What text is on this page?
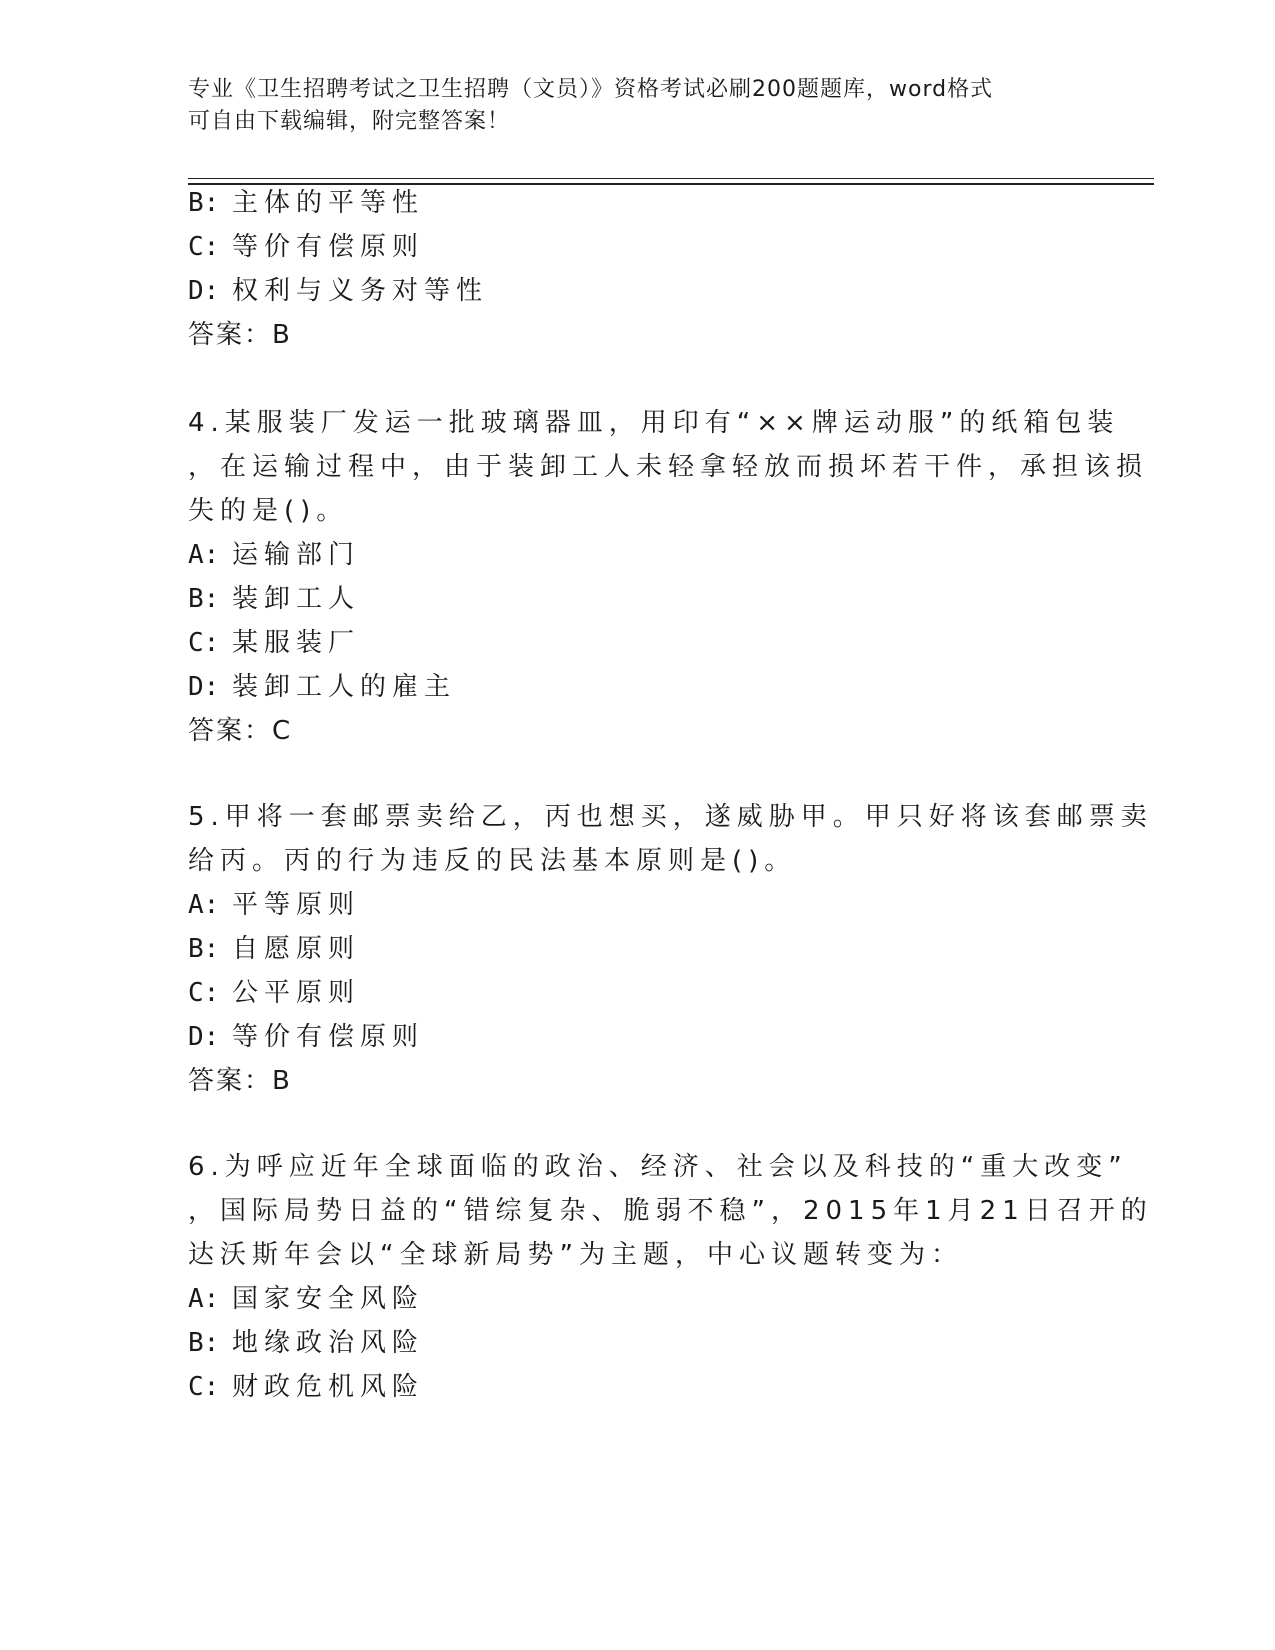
专业《卫生招聘考试之卫生招聘（文员）》资格考试必刷200题题库，word格式
可自由下载编辑，附完整答案！
B: 主体的平等性
C: 等价有偿原则
D: 权利与义务对等性
答案：B
4.某服装厂发运一批玻璃器皿，用印有“××牌运动服”的纸箱包装
，在运输过程中，由于装卸工人未轻拿轻放而损坏若干件，承担该损
失的是()。
A: 运输部门
B: 装卸工人
C: 某服装厂
D: 装卸工人的雇主
答案：C
5.甲将一套邮票卖给乙，丙也想买，遂威胁甲。甲只好将该套邮票卖
给丙。丙的行为违反的民法基本原则是()。
A: 平等原则
B: 自愿原则
C: 公平原则
D: 等价有偿原则
答案：B
6.为呼应近年全球面临的政治、经济、社会以及科技的“重大改变”
，国际局势日益的“错综复杂、脆弱不稳”，2015年1月21日召开的
达沃斯年会以“全球新局势”为主题，中心议题转变为：
A: 国家安全风险
B: 地缘政治风险
C: 财政危机风险
